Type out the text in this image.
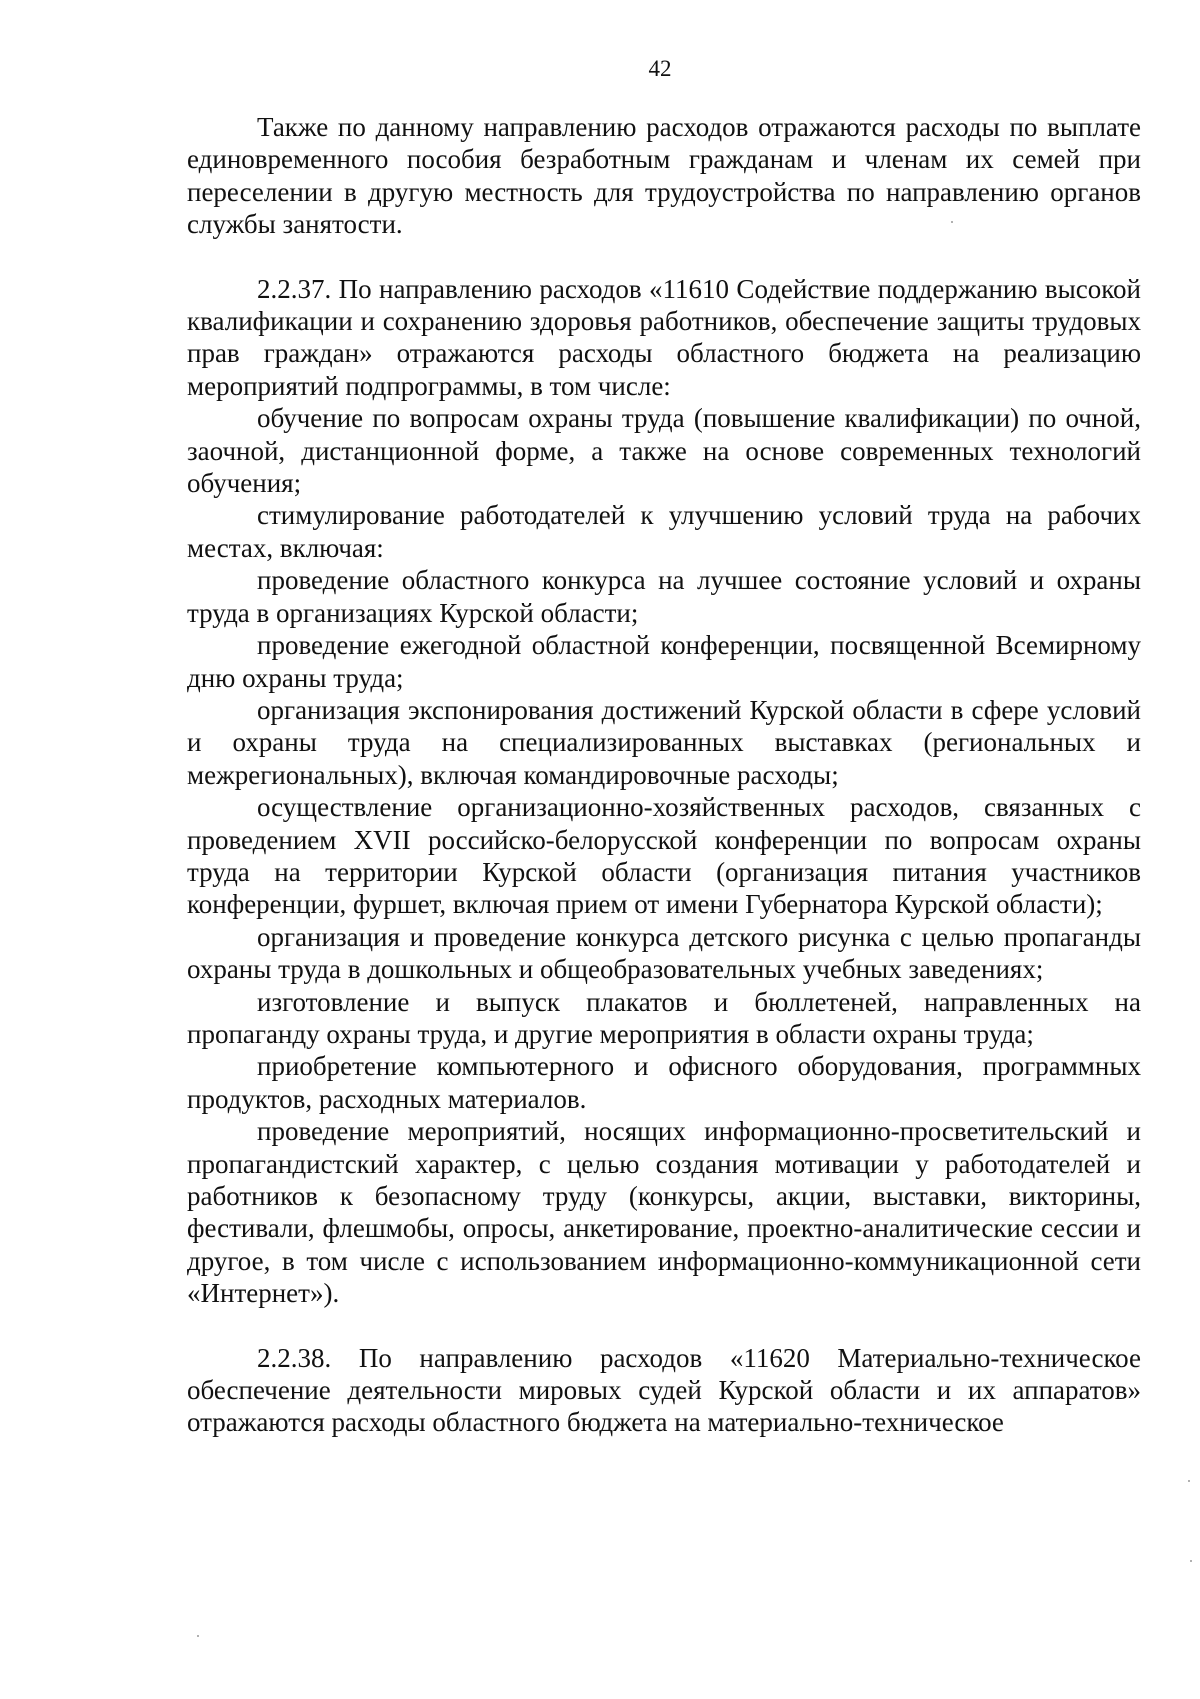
42

Также по данному направлению расходов отражаются расходы по выплате единовременного пособия безработным гражданам и членам их семей при переселении в другую местность для трудоустройства по направлению органов службы занятости.

2.2.37. По направлению расходов «11610 Содействие поддержанию высокой квалификации и сохранению здоровья работников, обеспечение защиты трудовых прав граждан» отражаются расходы областного бюджета на реализацию мероприятий подпрограммы, в том числе:

обучение по вопросам охраны труда (повышение квалификации) по очной, заочной, дистанционной форме, а также на основе современных технологий обучения;

стимулирование работодателей к улучшению условий труда на рабочих местах, включая:

проведение областного конкурса на лучшее состояние условий и охраны труда в организациях Курской области;

проведение ежегодной областной конференции, посвященной Всемирному дню охраны труда;

организация экспонирования достижений Курской области в сфере условий и охраны труда на специализированных выставках (региональных и межрегиональных), включая командировочные расходы;

осуществление организационно-хозяйственных расходов, связанных с проведением XVII российско-белорусской конференции по вопросам охраны труда на территории Курской области (организация питания участников конференции, фуршет, включая прием от имени Губернатора Курской области);

организация и проведение конкурса детского рисунка с целью пропаганды охраны труда в дошкольных и общеобразовательных учебных заведениях;

изготовление и выпуск плакатов и бюллетеней, направленных на пропаганду охраны труда, и другие мероприятия в области охраны труда;

приобретение компьютерного и офисного оборудования, программных продуктов, расходных материалов.

проведение мероприятий, носящих информационно-просветительский и пропагандистский характер, с целью создания мотивации у работодателей и работников к безопасному труду (конкурсы, акции, выставки, викторины, фестивали, флешмобы, опросы, анкетирование, проектно-аналитические сессии и другое, в том числе с использованием информационно-коммуникационной сети «Интернет»).

2.2.38. По направлению расходов «11620 Материально-техническое обеспечение деятельности мировых судей Курской области и их аппаратов» отражаются расходы областного бюджета на материально-техническое
